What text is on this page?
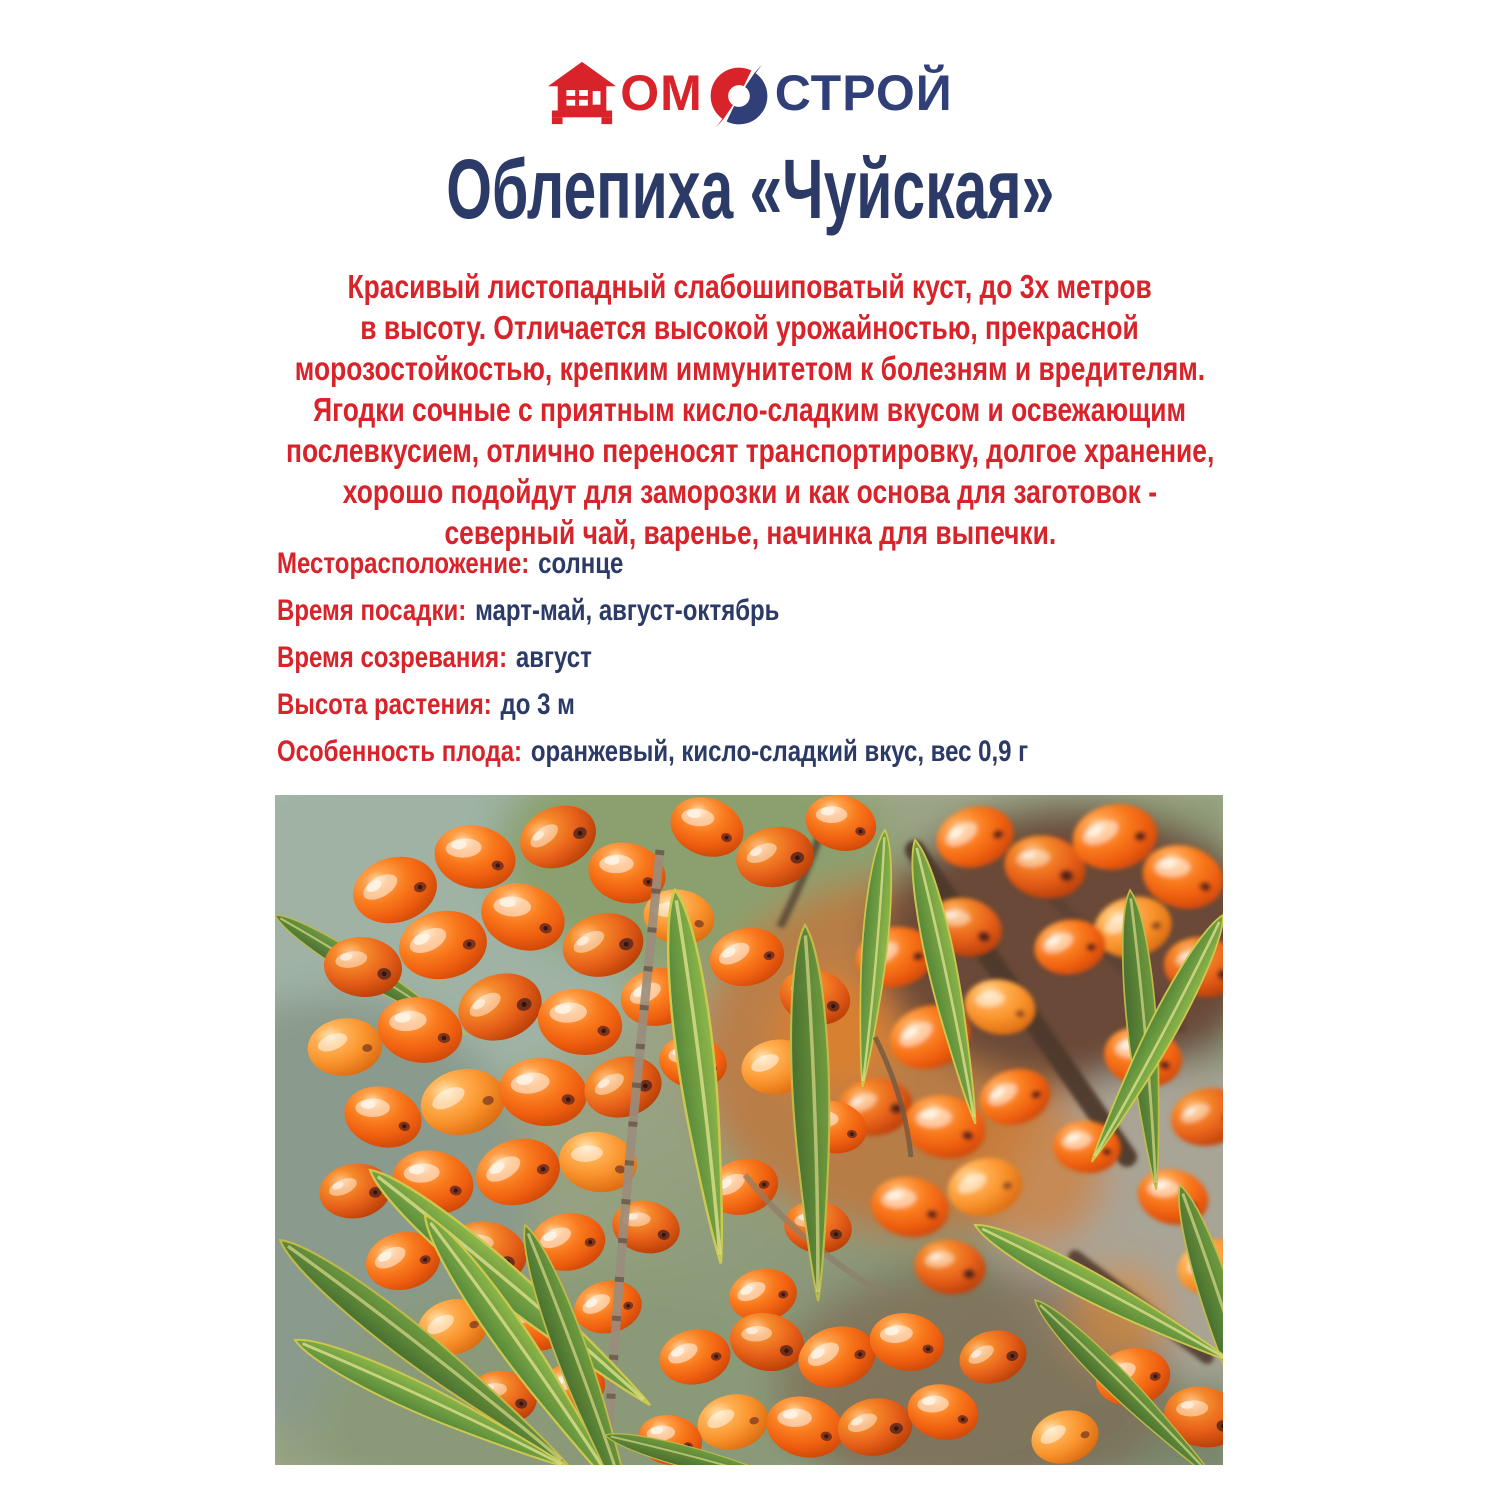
ОМ СТРОЙ
Облепиха «Чуйская»
Красивый листопадный слабошиповатый куст, до 3х метров
в высоту. Отличается высокой урожайностью, прекрасной
морозостойкостью, крепким иммунитетом к болезням и вредителям.
Ягодки сочные с приятным кисло-сладким вкусом и освежающим
послевкусием, отлично переносят транспортировку, долгое хранение,
хорошо подойдут для заморозки и как основа для заготовок -
северный чай, варенье, начинка для выпечки.
Месторасположение: солнце
Время посадки: март-май, август-октябрь
Время созревания: август
Высота растения: до 3 м
Особенность плода: оранжевый, кисло-сладкий вкус, вес 0,9 г
